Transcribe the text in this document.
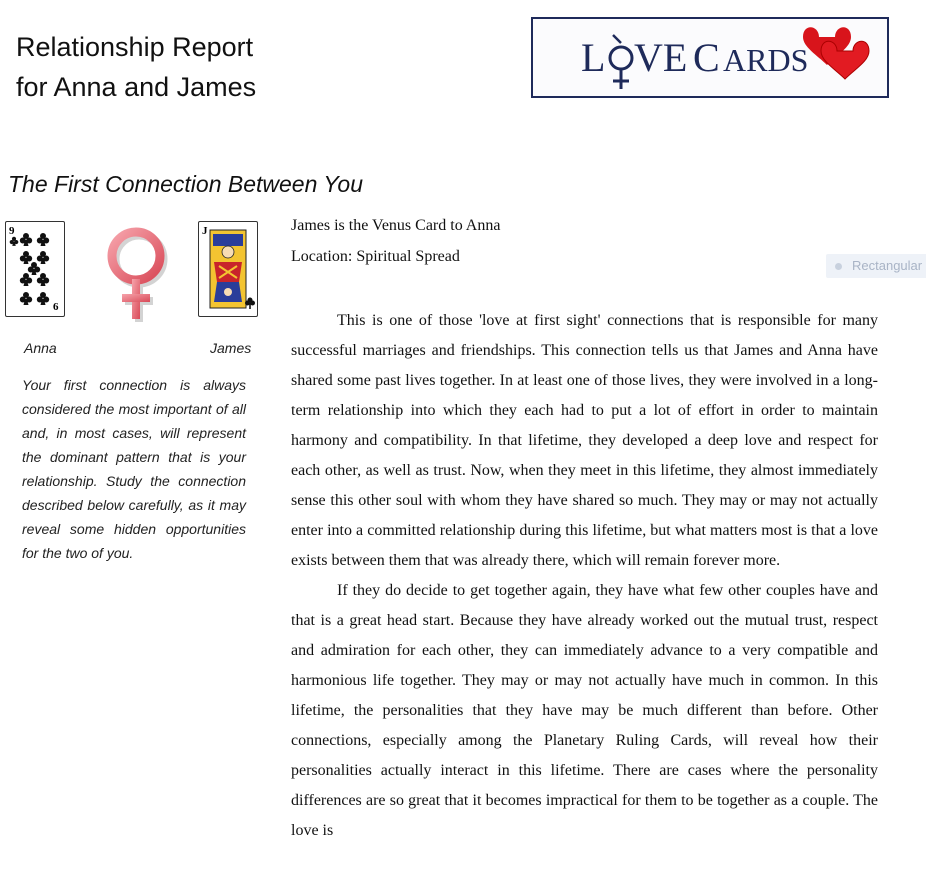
Relationship Report
for Anna and James
L VE C ARDS
The First Connection Between You
9
6
J
Anna	James

Your first connection is always considered the most important of all and, in most cases, will represent the dominant pattern that is your relationship. Study the connection described below carefully, as it may reveal some hidden opportunities for the two of you.

James is the Venus Card to Anna
Location: Spiritual Spread
Rectangular

This is one of those 'love at first sight' connections that is responsible for many successful marriages and friendships. This connection tells us that James and Anna have shared some past lives together. In at least one of those lives, they were involved in a long-term relationship into which they each had to put a lot of effort in order to maintain harmony and compatibility. In that lifetime, they developed a deep love and respect for each other, as well as trust. Now, when they meet in this lifetime, they almost immediately sense this other soul with whom they have shared so much. They may or may not actually enter into a committed relationship during this lifetime, but what matters most is that a love exists between them that was already there, which will remain forever more.

If they do decide to get together again, they have what few other couples have and that is a great head start. Because they have already worked out the mutual trust, respect and admiration for each other, they can immediately advance to a very compatible and harmonious life together. They may or may not actually have much in common. In this lifetime, the personalities that they have may be much different than before. Other connections, especially among the Planetary Ruling Cards, will reveal how their personalities actually interact in this lifetime. There are cases where the personality differences are so great that it becomes impractical for them to be together as a couple. The love is
